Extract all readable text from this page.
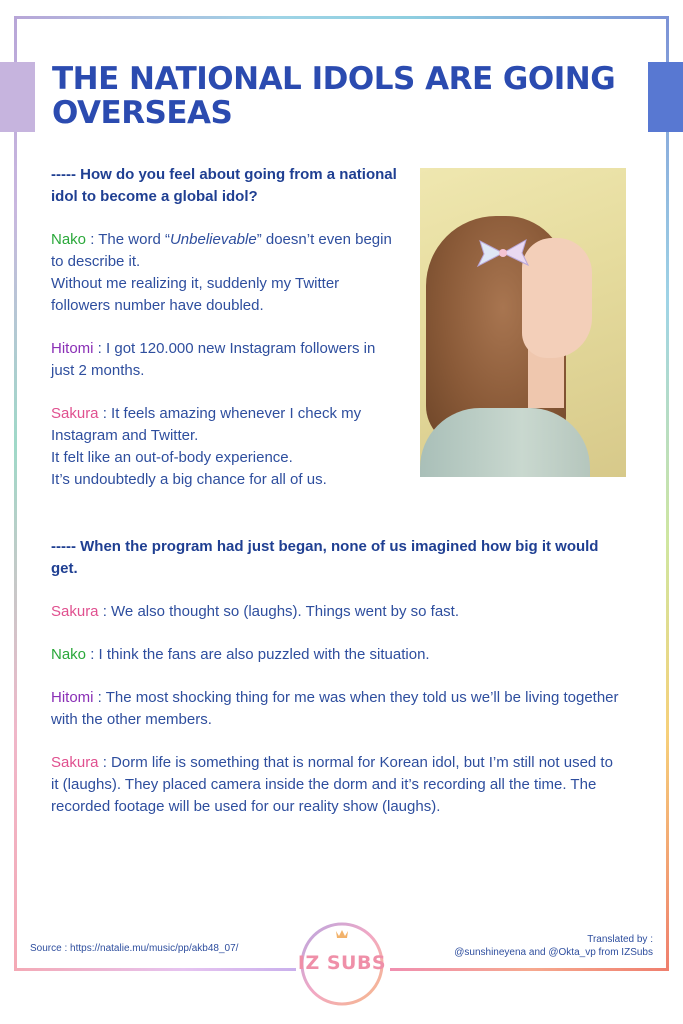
THE NATIONAL IDOLS ARE GOING OVERSEAS

----- How do you feel about going from a national idol to become a global idol?

Nako : The word “Unbelievable” doesn’t even begin to describe it.
Without me realizing it, suddenly my Twitter followers number have doubled.

Hitomi : I got 120.000 new Instagram followers in just 2 months.

Sakura : It feels amazing whenever I check my Instagram and Twitter.
It felt like an out-of-body experience.
It’s undoubtedly a big chance for all of us.

----- When the program had just began, none of us imagined how big it would get.

Sakura : We also thought so (laughs). Things went by so fast.

Nako : I think the fans are also puzzled with the situation.

Hitomi : The most shocking thing for me was when they told us we’ll be living together with the other members.

Sakura : Dorm life is something that is normal for Korean idol, but I’m still not used to it (laughs). They placed camera inside the dorm and it’s recording all the time. The recorded footage will be used for our reality show (laughs).

Source : https://natalie.mu/music/pp/akb48_07/
Translated by :
@sunshineyena and @Okta_vp from IZSubs
IZ SUBS
